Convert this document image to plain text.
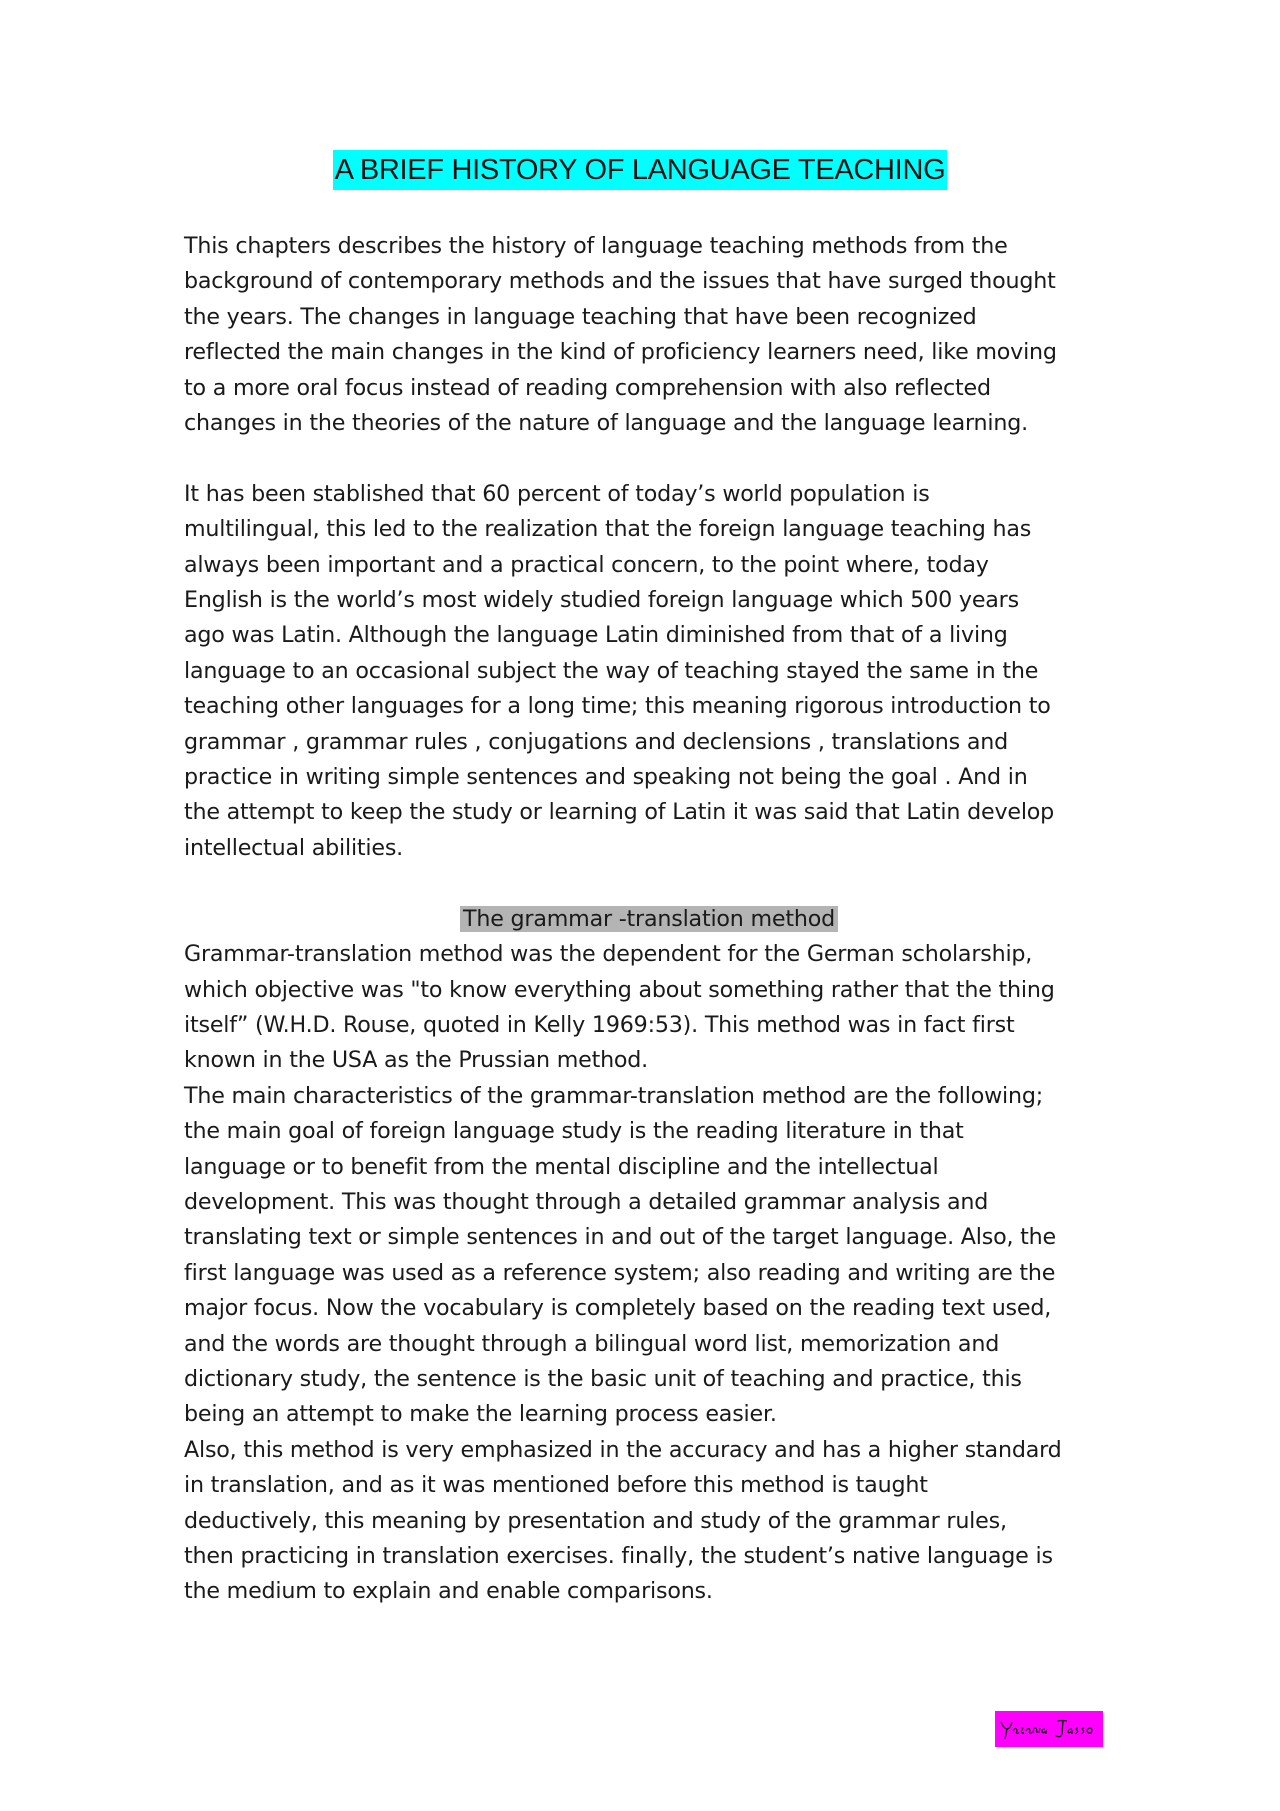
A BRIEF HISTORY OF LANGUAGE TEACHING

This chapters describes the history of language teaching methods from the
background of contemporary methods and the issues that have surged thought
the years. The changes in language teaching that have been recognized
reflected the main changes in the kind of proficiency learners need, like moving
to a more oral focus instead of reading comprehension with also reflected
changes in the theories of the nature of language and the language learning.

It has been stablished that 60 percent of today’s world population is
multilingual, this led to the realization that the foreign language teaching has
always been important and a practical concern, to the point where, today
English is the world’s most widely studied foreign language which 500 years
ago was Latin. Although the language Latin diminished from that of a living
language to an occasional subject the way of teaching stayed the same in the
teaching other languages for a long time; this meaning rigorous introduction to
grammar , grammar rules , conjugations and declensions , translations and
practice in writing simple sentences and speaking not being the goal . And in
the attempt to keep the study or learning of Latin it was said that Latin develop
intellectual abilities.

The grammar -translation method

Grammar-translation method was the dependent for the German scholarship,
which objective was "to know everything about something rather that the thing
itself” (W.H.D. Rouse, quoted in Kelly 1969:53). This method was in fact first
known in the USA as the Prussian method.

The main characteristics of the grammar-translation method are the following;
the main goal of foreign language study is the reading literature in that
language or to benefit from the mental discipline and the intellectual
development. This was thought through a detailed grammar analysis and
translating text or simple sentences in and out of the target language. Also, the
first language was used as a reference system; also reading and writing are the
major focus. Now the vocabulary is completely based on the reading text used,
and the words are thought through a bilingual word list, memorization and
dictionary study, the sentence is the basic unit of teaching and practice, this
being an attempt to make the learning process easier.

Also, this method is very emphasized in the accuracy and has a higher standard
in translation, and as it was mentioned before this method is taught
deductively, this meaning by presentation and study of the grammar rules,
then practicing in translation exercises. finally, the student’s native language is
the medium to explain and enable comparisons.
